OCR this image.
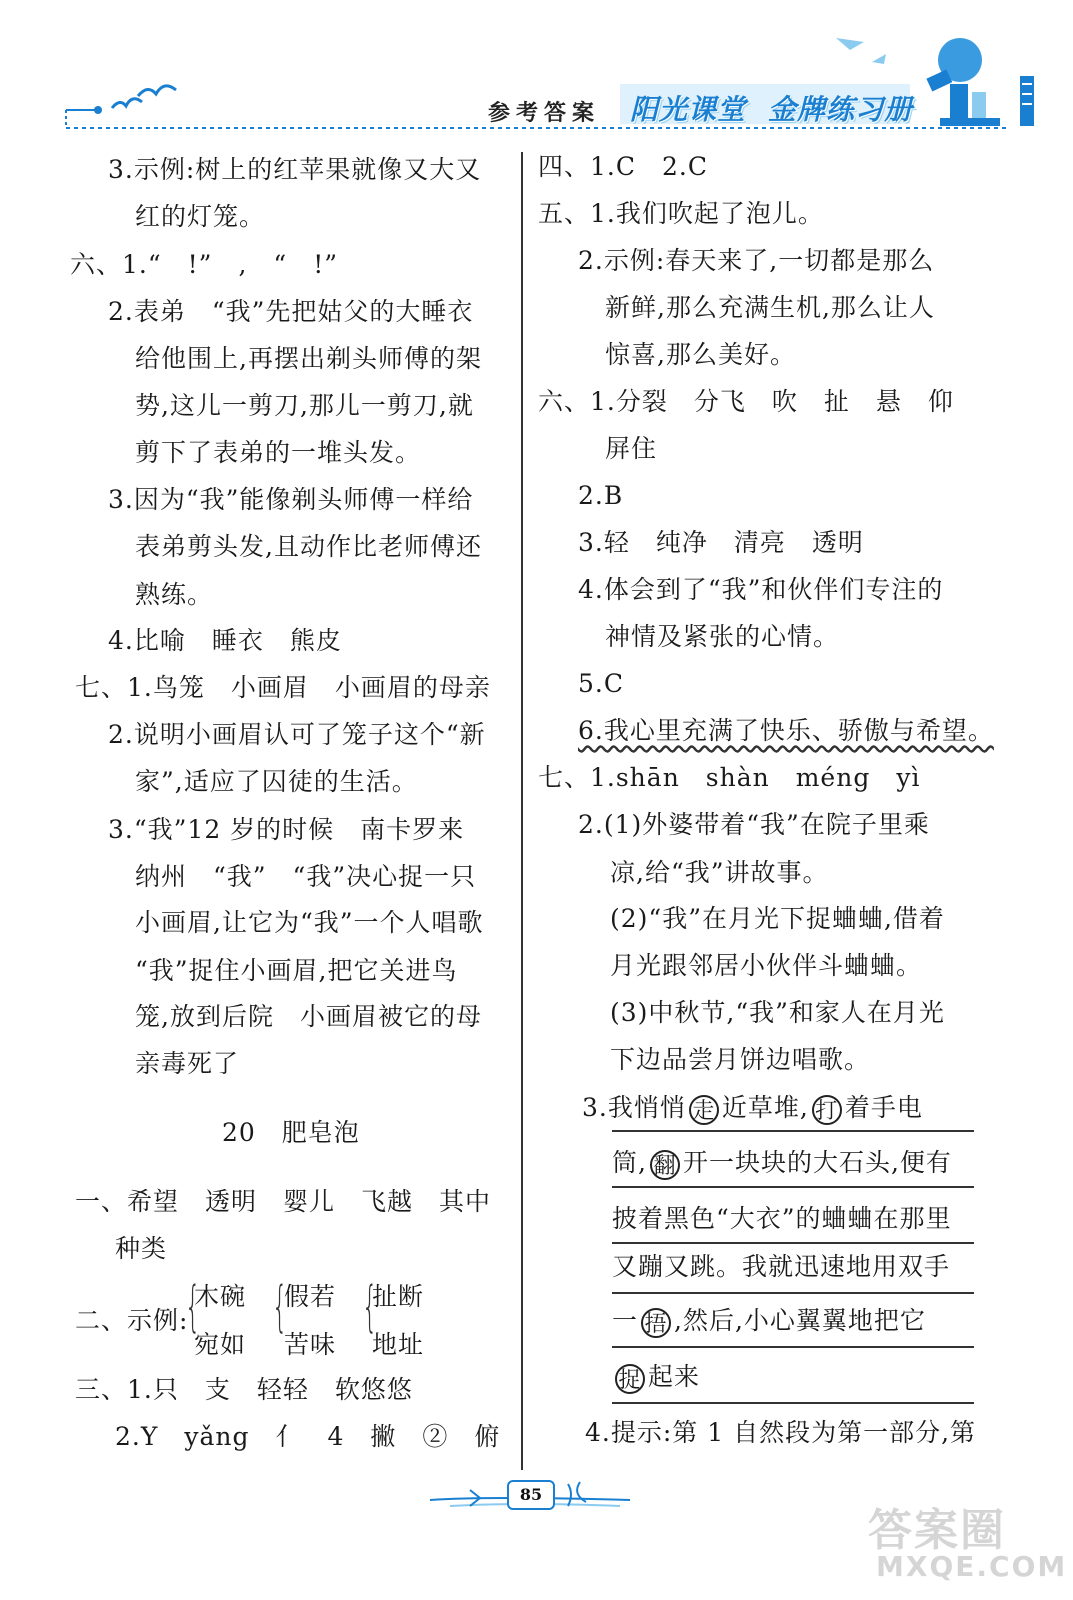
参考答案 阳光课堂 金牌练习册
3.示例:树上的红苹果就像又大又
红的灯笼。
六、1.“　!”　,　“　!”
2.表弟　“我”先把姑父的大睡衣
给他围上,再摆出剃头师傅的架
势,这儿一剪刀,那儿一剪刀,就
剪下了表弟的一堆头发。
3.因为“我”能像剃头师傅一样给
表弟剪头发,且动作比老师傅还
熟练。
4.比喻　睡衣　熊皮
七、1.鸟笼　小画眉　小画眉的母亲
2.说明小画眉认可了笼子这个“新
家”,适应了囚徒的生活。
3.“我”12 岁的时候　南卡罗来
纳州　“我”　“我”决心捉一只
小画眉,让它为“我”一个人唱歌
“我”捉住小画眉,把它关进鸟
笼,放到后院　小画眉被它的母
亲毒死了
20　肥皂泡
一、希望　透明　婴儿　飞越　其中
种类
二、示例:
{
木碗
宛如
{
假若
苦味
{
扯断
地址
三、1.只　支　轻轻　软悠悠
2.Y　yǎng　亻　4　撇　②　俯
四、1.C　2.C
五、1.我们吹起了泡儿。
2.示例:春天来了,一切都是那么
新鲜,那么充满生机,那么让人
惊喜,那么美好。
六、1.分裂　分飞　吹　扯　悬　仰
屏住
2.B
3.轻　纯净　清亮　透明
4.体会到了“我”和伙伴们专注的
神情及紧张的心情。
5.C
6.我心里充满了快乐、骄傲与希望。
七、1.shān　shàn　méng　yì
2.(1)外婆带着“我”在院子里乘
凉,给“我”讲故事。
(2)“我”在月光下捉蛐蛐,借着
月光跟邻居小伙伴斗蛐蛐。
(3)中秋节,“我”和家人在月光
下边品尝月饼边唱歌。
3.我悄悄 走 近草堆, 打 着手电
筒, 翻 开一块块的大石头,便有
披着黑色“大衣”的蛐蛐在那里
又蹦又跳。我就迅速地用双手
一 捂 ,然后,小心翼翼地把它
捉 起来
4.提示:第 1 自然段为第一部分,第
85
答案圈
MXQE.COM
